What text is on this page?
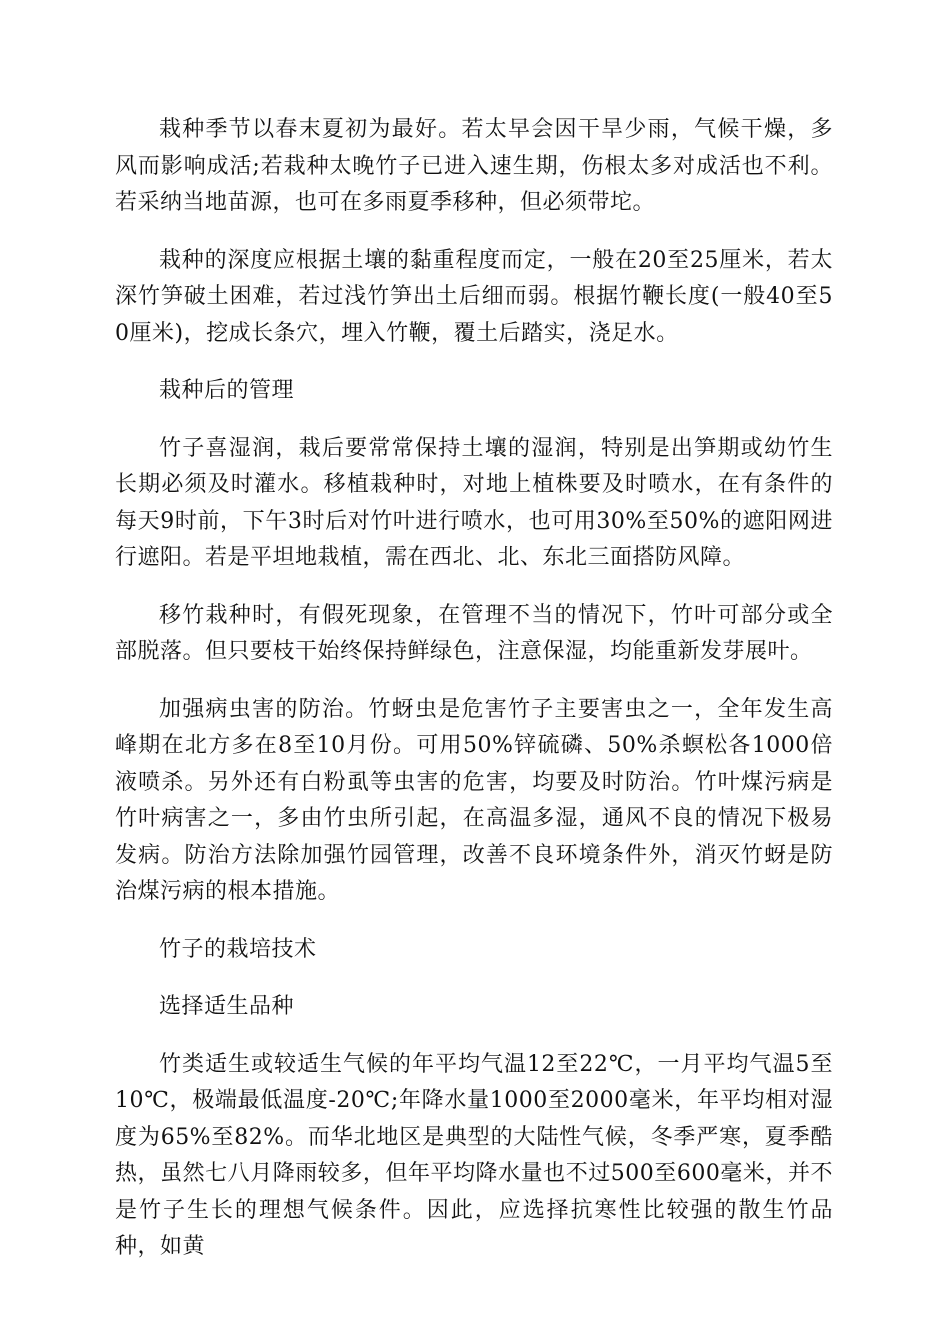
栽种季节以春末夏初为最好。若太早会因干旱少雨，气候干燥，多风而影响成活;若栽种太晚竹子已进入速生期，伤根太多对成活也不利。若采纳当地苗源，也可在多雨夏季移种，但必须带坨。

栽种的深度应根据土壤的黏重程度而定，一般在20至25厘米，若太深竹笋破土困难，若过浅竹笋出土后细而弱。根据竹鞭长度(一般40至50厘米)，挖成长条穴，埋入竹鞭，覆土后踏实，浇足水。

栽种后的管理

竹子喜湿润，栽后要常常保持土壤的湿润，特别是出笋期或幼竹生长期必须及时灌水。移植栽种时，对地上植株要及时喷水，在有条件的每天9时前，下午3时后对竹叶进行喷水，也可用30%至50%的遮阳网进行遮阳。若是平坦地栽植，需在西北、北、东北三面搭防风障。

移竹栽种时，有假死现象，在管理不当的情况下，竹叶可部分或全部脱落。但只要枝干始终保持鲜绿色，注意保湿，均能重新发芽展叶。

加强病虫害的防治。竹蚜虫是危害竹子主要害虫之一，全年发生高峰期在北方多在8至10月份。可用50%锌硫磷、50%杀螟松各1000倍液喷杀。另外还有白粉虱等虫害的危害，均要及时防治。竹叶煤污病是竹叶病害之一，多由竹虫所引起，在高温多湿，通风不良的情况下极易发病。防治方法除加强竹园管理，改善不良环境条件外，消灭竹蚜是防治煤污病的根本措施。

竹子的栽培技术

选择适生品种

竹类适生或较适生气候的年平均气温12至22℃，一月平均气温5至10℃，极端最低温度-20℃;年降水量1000至2000毫米，年平均相对湿度为65%至82%。而华北地区是典型的大陆性气候，冬季严寒，夏季酷热，虽然七八月降雨较多，但年平均降水量也不过500至600毫米，并不是竹子生长的理想气候条件。因此，应选择抗寒性比较强的散生竹品种，如黄
